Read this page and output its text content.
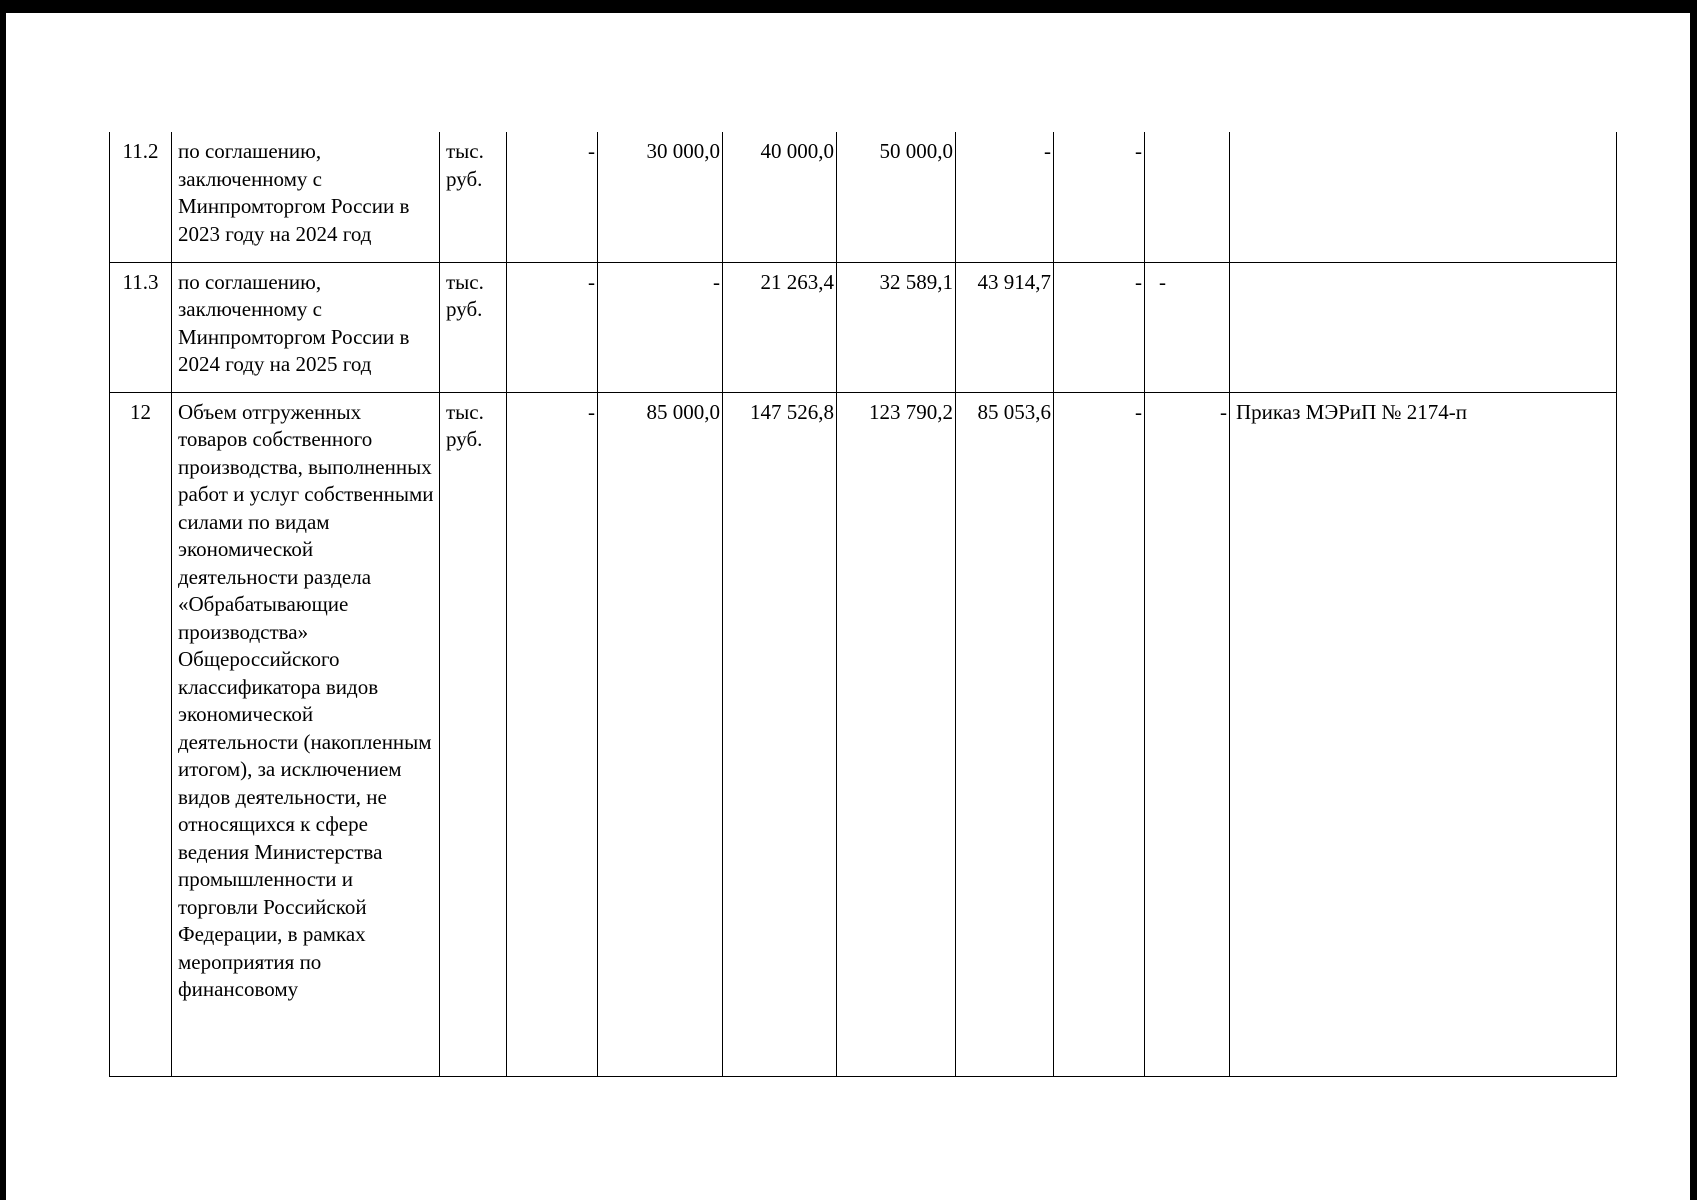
11.2	по соглашению, заключенному с Минпромторгом России в 2023 году на 2024 год	тыс. руб.	-	30 000,0	40 000,0	50 000,0	-	-		
11.3	по соглашению, заключенному с Минпромторгом России в 2024 году на 2025 год	тыс. руб.	-	-	21 263,4	32 589,1	43 914,7	-	-	
12	Объем отгруженных товаров собственного производства, выполненных работ и услуг собственными силами по видам экономической деятельности раздела «Обрабатывающие производства» Общероссийского классификатора видов экономической деятельности (накопленным итогом), за исключением видов деятельности, не относящихся к сфере ведения Министерства промышленности и торговли Российской Федерации, в рамках мероприятия по финансовому	тыс. руб.	-	85 000,0	147 526,8	123 790,2	85 053,6	-	-	Приказ МЭРиП № 2174-п
